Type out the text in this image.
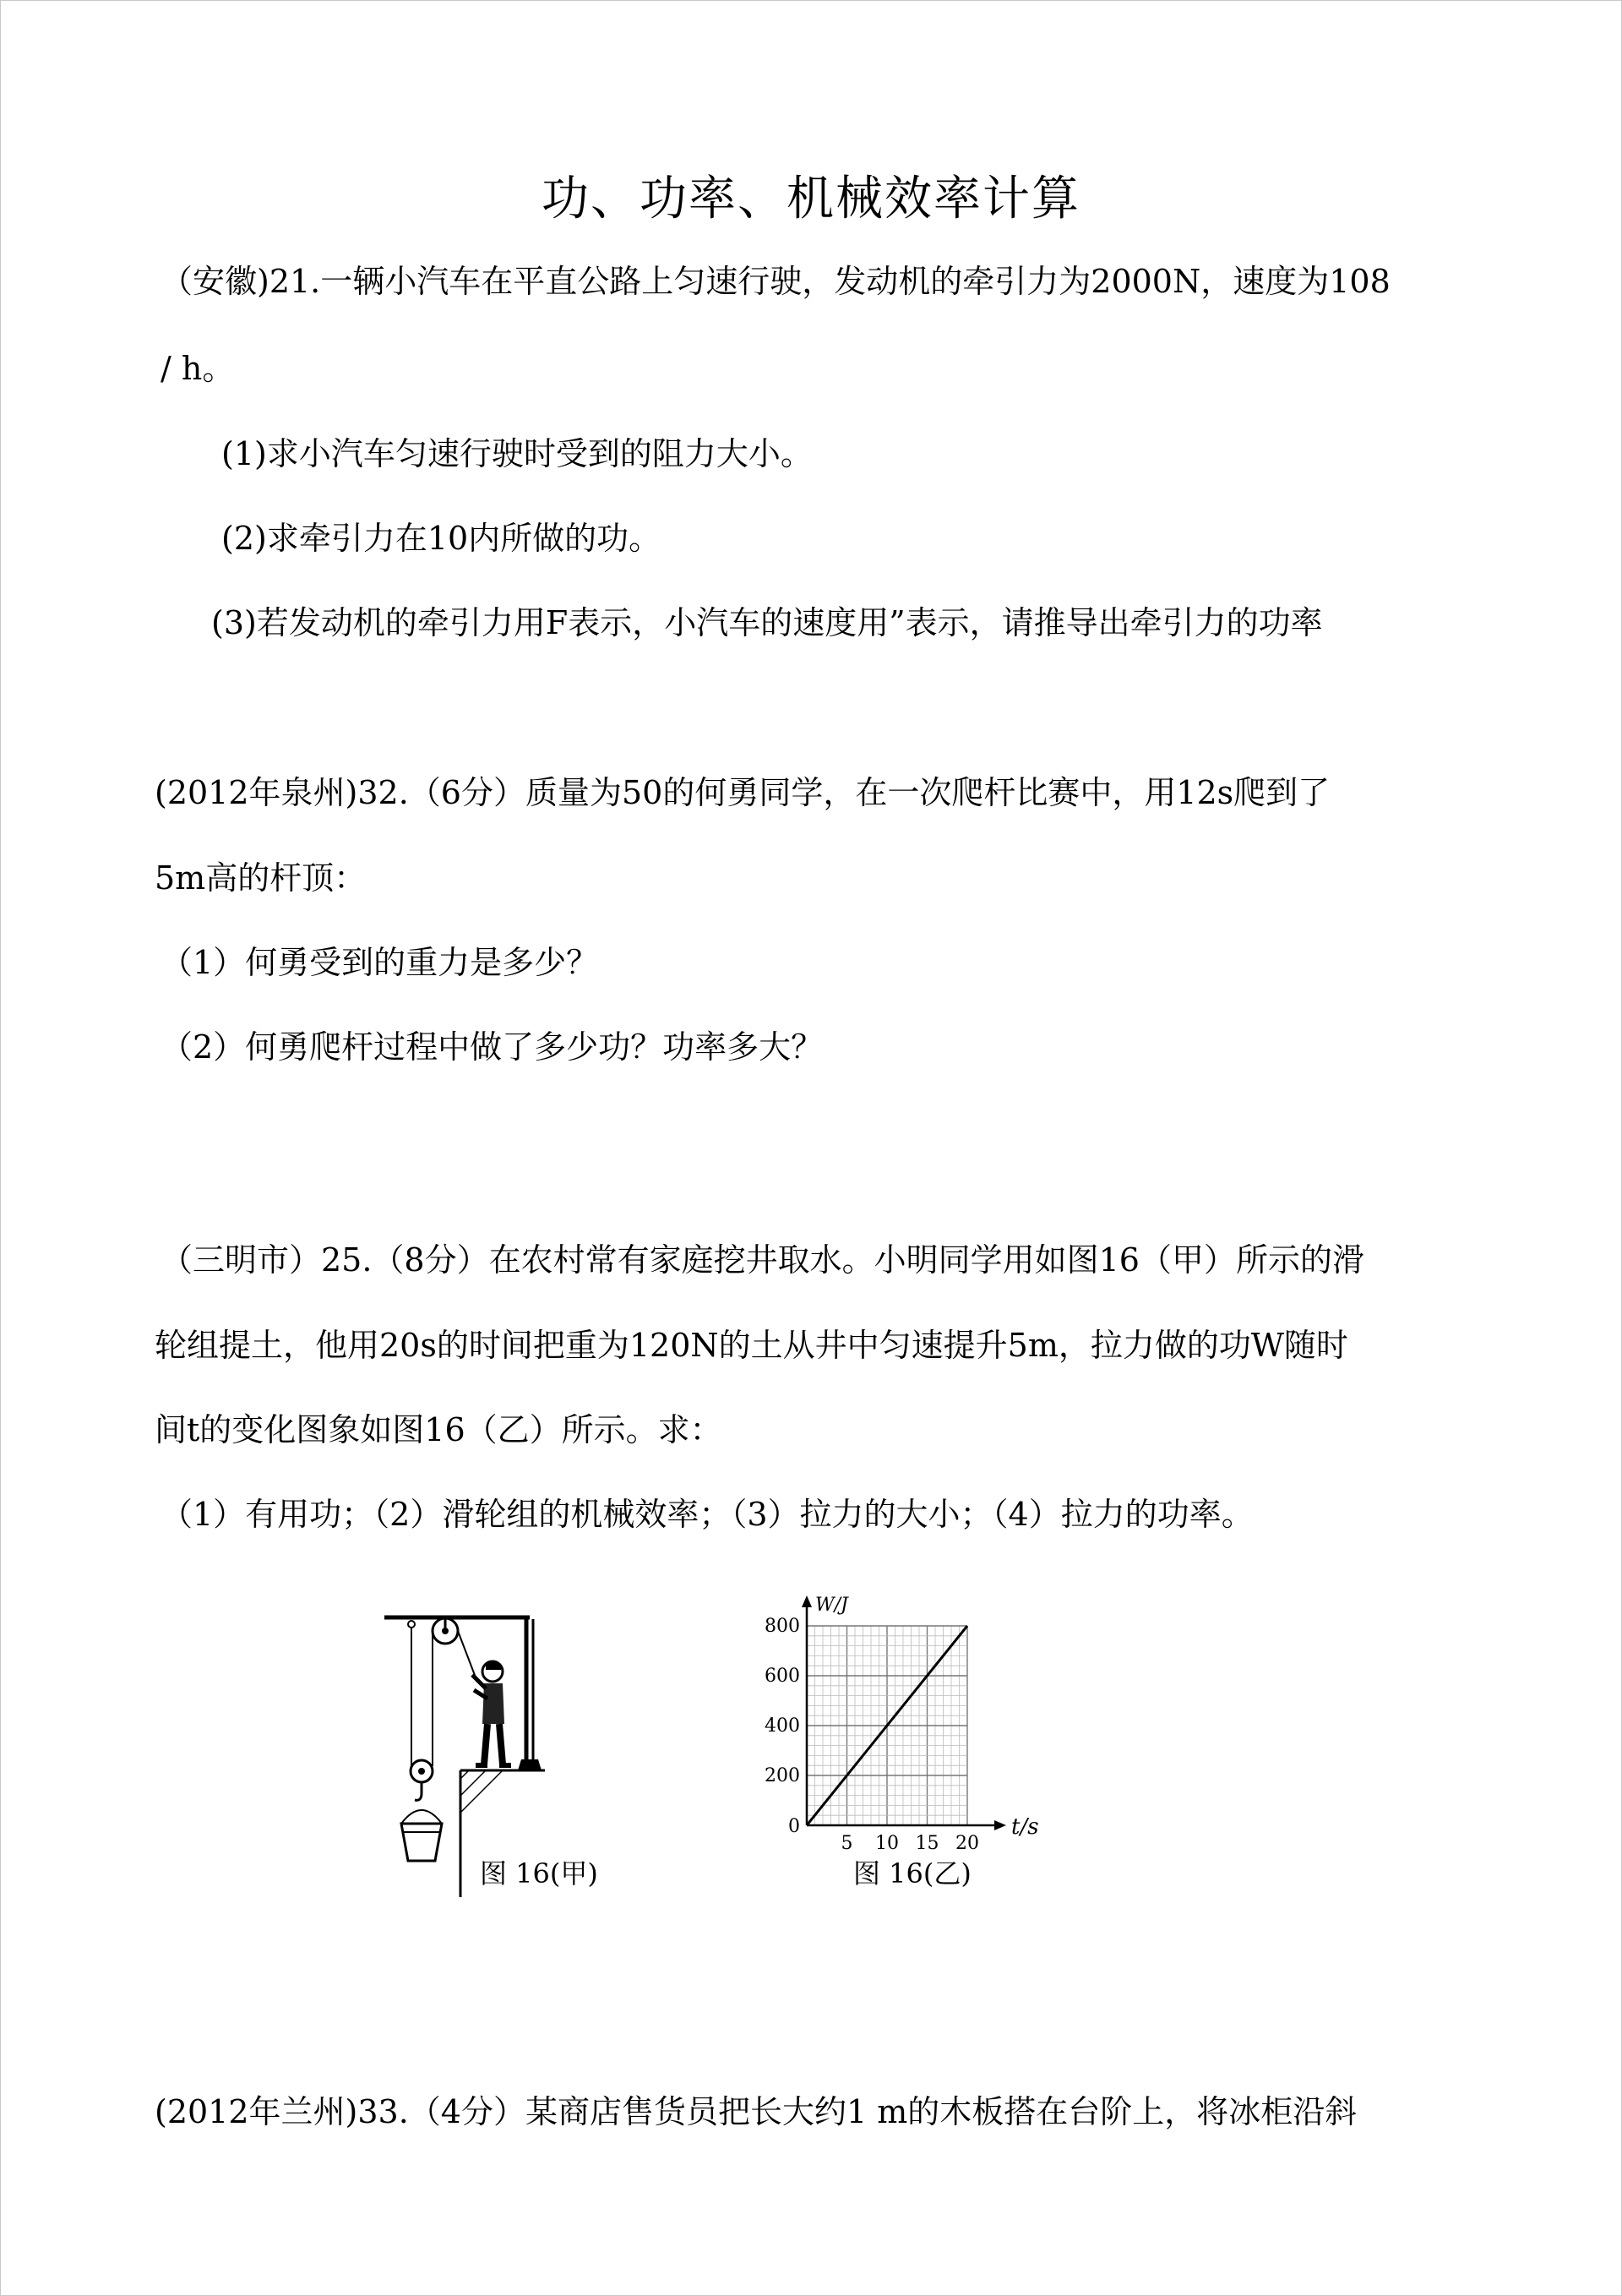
功、功率、机械效率计算

（安徽)21.一辆小汽车在平直公路上匀速行驶，发动机的牵引力为2000N，速度为108

/ h。

(1)求小汽车匀速行驶时受到的阻力大小。

(2)求牵引力在10内所做的功。

(3)若发动机的牵引力用F表示，小汽车的速度用”表示，请推导出牵引力的功率

(2012年泉州)32.（6分）质量为50的何勇同学，在一次爬杆比赛中，用12s爬到了

5m高的杆顶：

（1）何勇受到的重力是多少？

（2）何勇爬杆过程中做了多少功？功率多大？

（三明市）25.（8分）在农村常有家庭挖井取水。小明同学用如图16（甲）所示的滑

轮组提土，他用20s的时间把重为120N的土从井中匀速提升5m，拉力做的功W随时

间t的变化图象如图16（乙）所示。求：

（1）有用功；（2）滑轮组的机械效率；（3）拉力的大小；（4）拉力的功率。

图 16(甲)
5 10 15 20
200
400
600
800
0	t/s
W/J
图 16(乙)

(2012年兰州)33.（4分）某商店售货员把长大约1 m的木板搭在台阶上，将冰柜沿斜
